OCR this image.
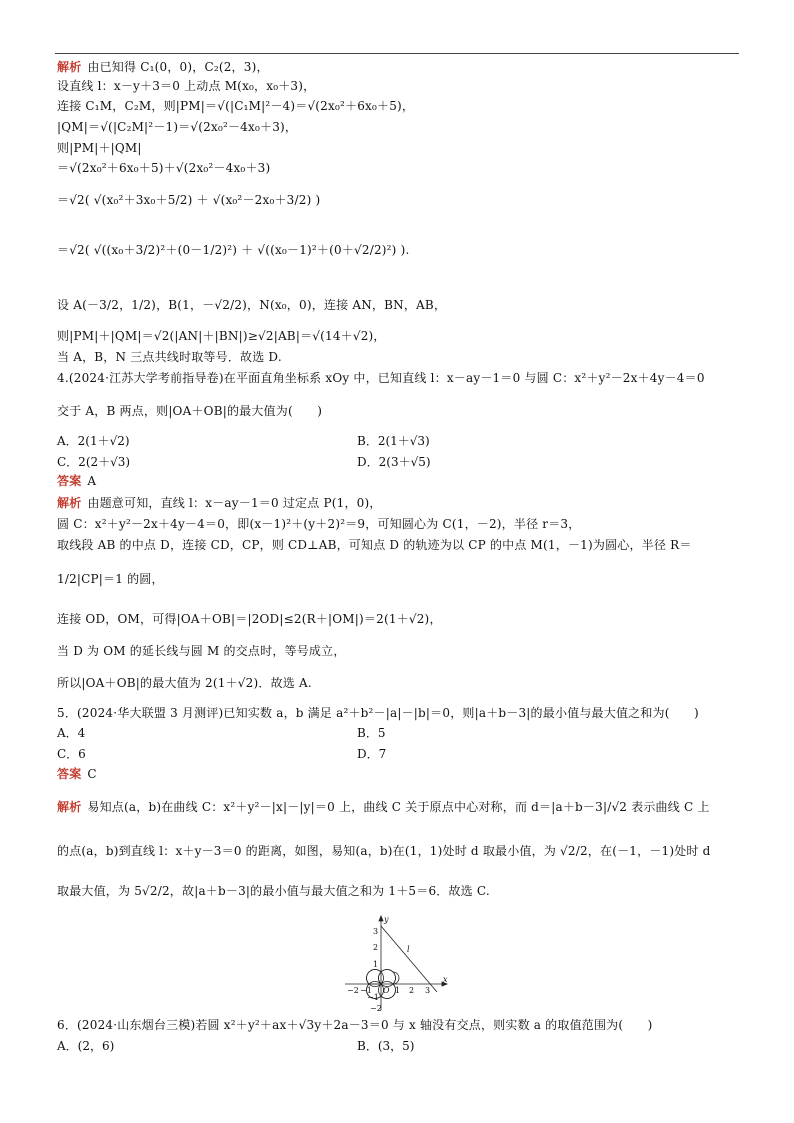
解析 由已知得 C₁(0，0)，C₂(2，3)，
设直线 l：x－y＋3＝0 上动点 M(x₀，x₀＋3)，
连接 C₁M，C₂M，则|PM|＝√(|C₁M|²－4)＝√(2x₀²＋6x₀＋5)，
|QM|＝√(|C₂M|²－1)＝√(2x₀²－4x₀＋3)，
则|PM|＋|QM|
＝√(2x₀²＋6x₀＋5)＋√(2x₀²－4x₀＋3)
＝√2( √(x₀²＋3x₀＋5/2) ＋ √(x₀²－2x₀＋3/2) )
＝√2( √((x₀＋3/2)²＋(0－1/2)²) ＋ √((x₀－1)²＋(0＋√2/2)²) ).
设 A(－3/2，1/2)，B(1，－√2/2)，N(x₀，0)，连接 AN，BN，AB，
则|PM|＋|QM|＝√2(|AN|＋|BN|)≥√2|AB|＝√(14＋√2)，
当 A，B，N 三点共线时取等号．故选 D.
4.(2024·江苏大学考前指导卷)在平面直角坐标系 xOy 中，已知直线 l：x－ay－1＝0 与圆 C：x²＋y²－2x＋4y－4＝0
交于 A，B 两点，则|OA＋OB|的最大值为(　　)
答案 A
解析 由题意可知，直线 l：x－ay－1＝0 过定点 P(1，0)，
圆 C：x²＋y²－2x＋4y－4＝0，即(x－1)²＋(y＋2)²＝9，可知圆心为 C(1，－2)，半径 r＝3，
取线段 AB 的中点 D，连接 CD，CP，则 CD⊥AB，可知点 D 的轨迹为以 CP 的中点 M(1，－1)为圆心，半径 R＝
1/2|CP|＝1 的圆，
连接 OD，OM，可得|OA＋OB|＝|2OD|≤2(R＋|OM|)＝2(1＋√2)，
当 D 为 OM 的延长线与圆 M 的交点时，等号成立，
所以|OA＋OB|的最大值为 2(1＋√2)．故选 A.
5．(2024·华大联盟 3 月测评)已知实数 a，b 满足 a²＋b²－|a|－|b|＝0，则|a＋b－3|的最小值与最大值之和为(　　)
答案 C
解析 易知点(a，b)在曲线 C：x²＋y²－|x|－|y|＝0 上，曲线 C 关于原点中心对称，而 d＝|a＋b－3|/√2 表示曲线 C 上
的点(a，b)到直线 l：x＋y－3＝0 的距离，如图，易知(a，b)在(1，1)处时 d 取最小值，为 √2/2，在(－1，－1)处时 d
取最大值，为 5√2/2，故|a＋b－3|的最小值与最大值之和为 1＋5＝6．故选 C.
6．(2024·山东烟台三模)若圆 x²＋y²＋ax＋√3y＋2a－3＝0 与 x 轴没有交点，则实数 a 的取值范围为(　　)
x
y
O
l
−2 −1	1 2 3
3
2
1
−1
−2
A．2(1＋√2)	B．2(1＋√3)
C．2(2＋√3)	D．2(3＋√5)
A．4	B．5
C．6	D．7
A．(2，6)	B．(3，5)
